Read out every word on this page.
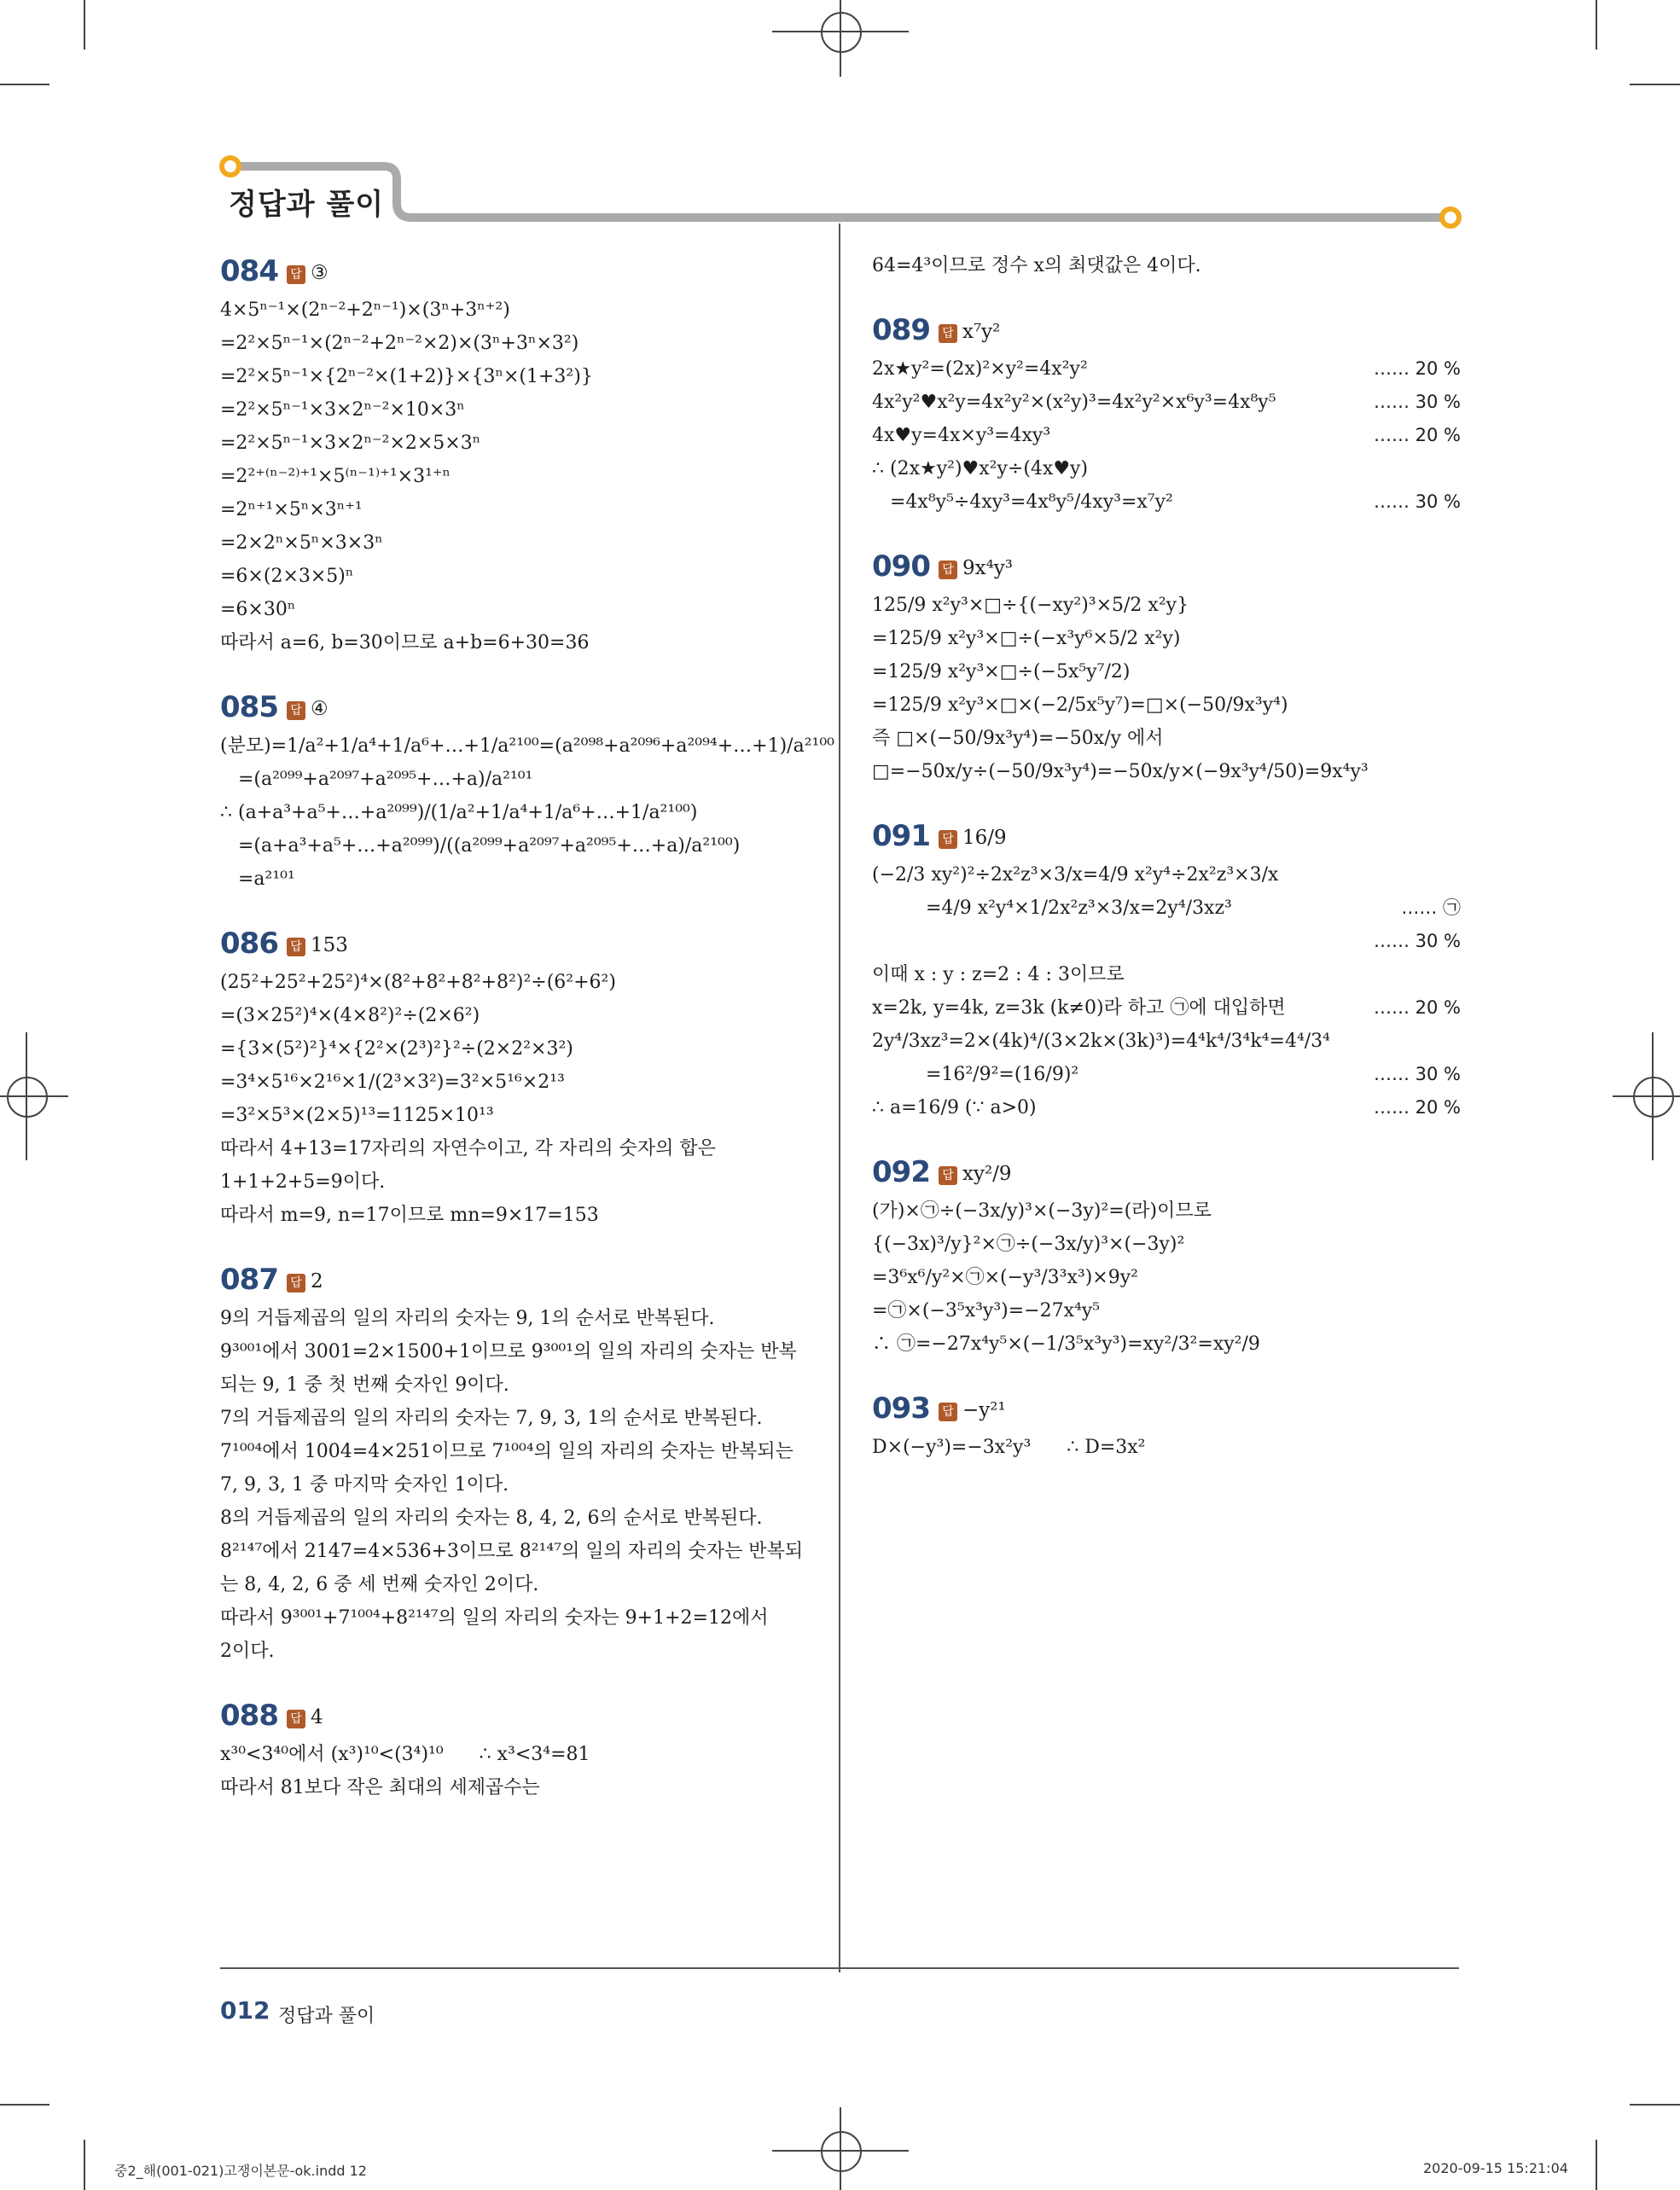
정답과 풀이
084 답 ③
4×5ⁿ⁻¹×(2ⁿ⁻²+2ⁿ⁻¹)×(3ⁿ+3ⁿ⁺²)
=2²×5ⁿ⁻¹×(2ⁿ⁻²+2ⁿ⁻²×2)×(3ⁿ+3ⁿ×3²)
=2²×5ⁿ⁻¹×{2ⁿ⁻²×(1+2)}×{3ⁿ×(1+3²)}
=2²×5ⁿ⁻¹×3×2ⁿ⁻²×10×3ⁿ
=2²×5ⁿ⁻¹×3×2ⁿ⁻²×2×5×3ⁿ
=2²⁺⁽ⁿ⁻²⁾⁺¹×5⁽ⁿ⁻¹⁾⁺¹×3¹⁺ⁿ
=2ⁿ⁺¹×5ⁿ×3ⁿ⁺¹
=2×2ⁿ×5ⁿ×3×3ⁿ
=6×(2×3×5)ⁿ
=6×30ⁿ
따라서 a=6, b=30이므로 a+b=6+30=36
085 답 ④
(분모)=1/a²+1/a⁴+1/a⁶+…+1/a²¹⁰⁰=(a²⁰⁹⁸+a²⁰⁹⁶+a²⁰⁹⁴+…+1)/a²¹⁰⁰
=(a²⁰⁹⁹+a²⁰⁹⁷+a²⁰⁹⁵+…+a)/a²¹⁰¹
∴ (a+a³+a⁵+…+a²⁰⁹⁹)/(1/a²+1/a⁴+1/a⁶+…+1/a²¹⁰⁰)
=(a+a³+a⁵+…+a²⁰⁹⁹)/((a²⁰⁹⁹+a²⁰⁹⁷+a²⁰⁹⁵+…+a)/a²¹⁰⁰)
=a²¹⁰¹
086 답 153
(25²+25²+25²)⁴×(8²+8²+8²+8²)²÷(6²+6²)
=(3×25²)⁴×(4×8²)²÷(2×6²)
={3×(5²)²}⁴×{2²×(2³)²}²÷(2×2²×3²)
=3⁴×5¹⁶×2¹⁶×1/(2³×3²)=3²×5¹⁶×2¹³
=3²×5³×(2×5)¹³=1125×10¹³
따라서 4+13=17자리의 자연수이고, 각 자리의 숫자의 합은
1+1+2+5=9이다.
따라서 m=9, n=17이므로 mn=9×17=153
087 답 2
9의 거듭제곱의 일의 자리의 숫자는 9, 1의 순서로 반복된다.
9³⁰⁰¹에서 3001=2×1500+1이므로 9³⁰⁰¹의 일의 자리의 숫자는 반복
되는 9, 1 중 첫 번째 숫자인 9이다.
7의 거듭제곱의 일의 자리의 숫자는 7, 9, 3, 1의 순서로 반복된다.
7¹⁰⁰⁴에서 1004=4×251이므로 7¹⁰⁰⁴의 일의 자리의 숫자는 반복되는
7, 9, 3, 1 중 마지막 숫자인 1이다.
8의 거듭제곱의 일의 자리의 숫자는 8, 4, 2, 6의 순서로 반복된다.
8²¹⁴⁷에서 2147=4×536+3이므로 8²¹⁴⁷의 일의 자리의 숫자는 반복되
는 8, 4, 2, 6 중 세 번째 숫자인 2이다.
따라서 9³⁰⁰¹+7¹⁰⁰⁴+8²¹⁴⁷의 일의 자리의 숫자는 9+1+2=12에서
2이다.
088 답 4
x³⁰<3⁴⁰에서 (x³)¹⁰<(3⁴)¹⁰      ∴ x³<3⁴=81
따라서 81보다 작은 최대의 세제곱수는
64=4³이므로 정수 x의 최댓값은 4이다.
089 답 x⁷y²
2x★y²=(2x)²×y²=4x²y²	…… 20 %
4x²y²♥x²y=4x²y²×(x²y)³=4x²y²×x⁶y³=4x⁸y⁵	…… 30 %
4x♥y=4x×y³=4xy³	…… 20 %
∴ (2x★y²)♥x²y÷(4x♥y)
=4x⁸y⁵÷4xy³=4x⁸y⁵/4xy³=x⁷y²	…… 30 %
090 답 9x⁴y³
125/9 x²y³×□÷{(−xy²)³×5/2 x²y}
=125/9 x²y³×□÷(−x³y⁶×5/2 x²y)
=125/9 x²y³×□÷(−5x⁵y⁷/2)
=125/9 x²y³×□×(−2/5x⁵y⁷)=□×(−50/9x³y⁴)
즉 □×(−50/9x³y⁴)=−50x/y 에서
□=−50x/y÷(−50/9x³y⁴)=−50x/y×(−9x³y⁴/50)=9x⁴y³
091 답 16/9
(−2/3 xy²)²÷2x²z³×3/x=4/9 x²y⁴÷2x²z³×3/x
=4/9 x²y⁴×1/2x²z³×3/x=2y⁴/3xz³	…… ㉠
…… 30 %
이때 x : y : z=2 : 4 : 3이므로
x=2k, y=4k, z=3k (k≠0)라 하고 ㉠에 대입하면	…… 20 %
2y⁴/3xz³=2×(4k)⁴/(3×2k×(3k)³)=4⁴k⁴/3⁴k⁴=4⁴/3⁴
=16²/9²=(16/9)²	…… 30 %
∴ a=16/9 (∵ a>0)	…… 20 %
092 답 xy²/9
(가)×㉠÷(−3x/y)³×(−3y)²=(라)이므로
{(−3x)³/y}²×㉠÷(−3x/y)³×(−3y)²
=3⁶x⁶/y²×㉠×(−y³/3³x³)×9y²
=㉠×(−3⁵x³y³)=−27x⁴y⁵
∴ ㉠=−27x⁴y⁵×(−1/3⁵x³y³)=xy²/3²=xy²/9
093 답 −y²¹
D×(−y³)=−3x²y³      ∴ D=3x²
012 정답과 풀이
중2_해(001-021)고쟁이본문-ok.indd 12	2020-09-15 15:21:04
